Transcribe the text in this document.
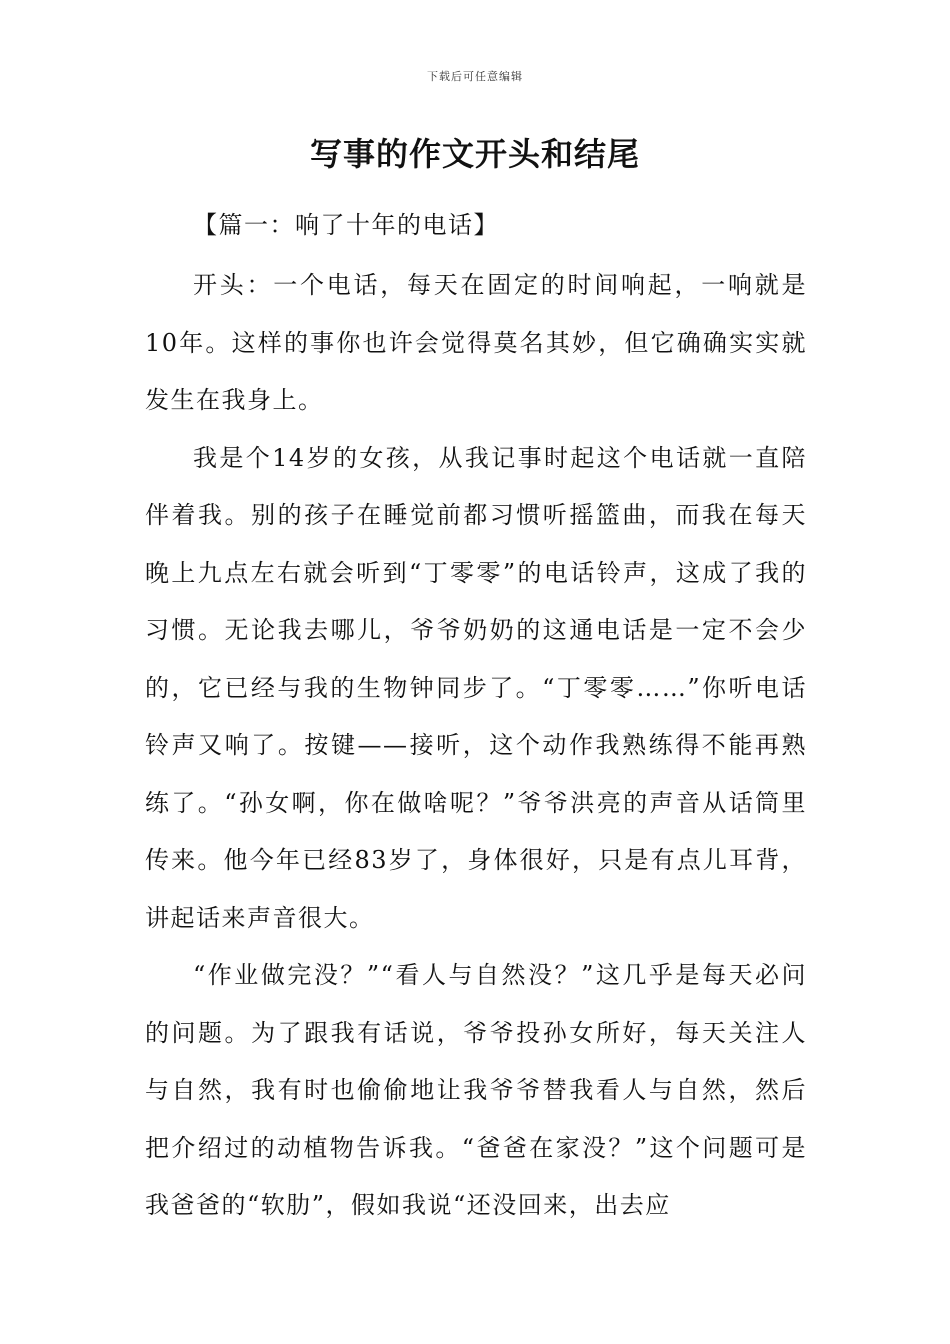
下载后可任意编辑
写事的作文开头和结尾

【篇一：响了十年的电话】

开头：一个电话，每天在固定的时间响起，一响就是10年。这样的事你也许会觉得莫名其妙，但它确确实实就发生在我身上。

我是个14岁的女孩，从我记事时起这个电话就一直陪伴着我。别的孩子在睡觉前都习惯听摇篮曲，而我在每天晚上九点左右就会听到“丁零零”的电话铃声，这成了我的习惯。无论我去哪儿，爷爷奶奶的这通电话是一定不会少的，它已经与我的生物钟同步了。“丁零零……”你听电话铃声又响了。按键——接听，这个动作我熟练得不能再熟练了。“孙女啊，你在做啥呢？”爷爷洪亮的声音从话筒里传来。他今年已经83岁了，身体很好，只是有点儿耳背，讲起话来声音很大。

“作业做完没？”“看人与自然没？”这几乎是每天必问的问题。为了跟我有话说，爷爷投孙女所好，每天关注人与自然，我有时也偷偷地让我爷爷替我看人与自然，然后把介绍过的动植物告诉我。“爸爸在家没？”这个问题可是我爸爸的“软肋”，假如我说“还没回来，出去应
